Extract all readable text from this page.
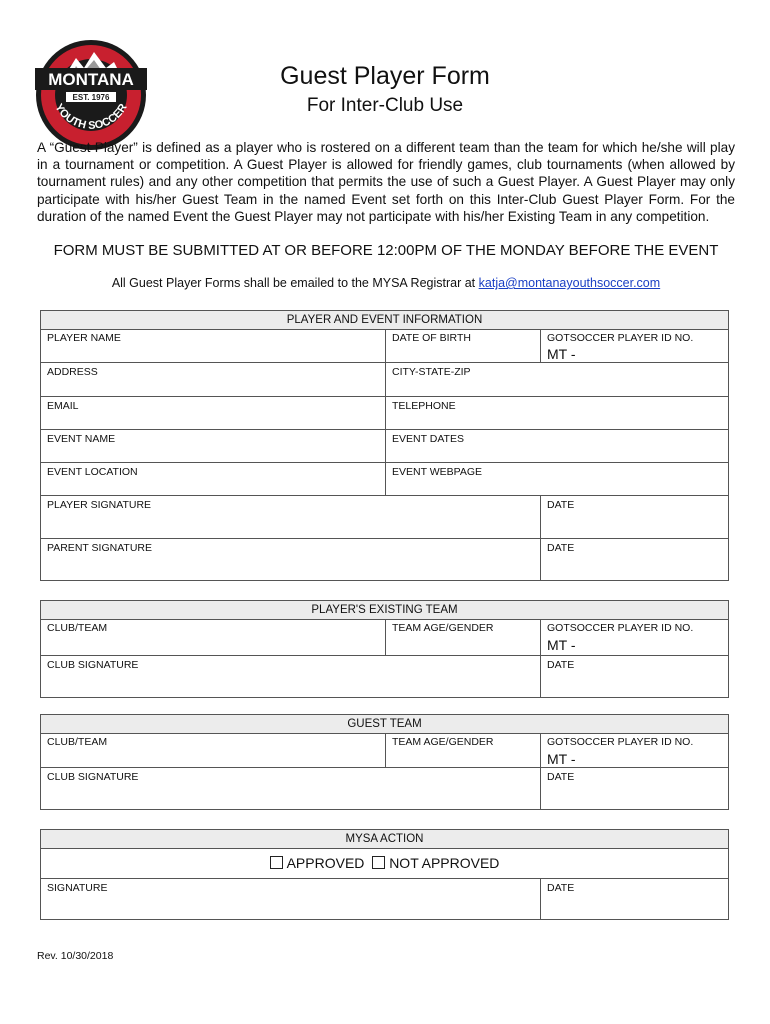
MONTANA
EST. 1976
YOUTH SOCCER
Guest Player Form
For Inter-Club Use
A “Guest Player” is defined as a player who is rostered on a different team than the team for which he/she will play in a tournament or competition. A Guest Player is allowed for friendly games, club tournaments (when allowed by tournament rules) and any other competition that permits the use of such a Guest Player. A Guest Player may only participate with his/her Guest Team in the named Event set forth on this Inter-Club Guest Player Form. For the duration of the named Event the Guest Player may not participate with his/her Existing Team in any competition.
FORM MUST BE SUBMITTED AT OR BEFORE 12:00PM OF THE MONDAY BEFORE THE EVENT
All Guest Player Forms shall be emailed to the MYSA Registrar at katja@montanayouthsoccer.com
PLAYER AND EVENT INFORMATION
PLAYER NAME	DATE OF BIRTH	GOTSOCCER PLAYER ID NO.
MT -
ADDRESS	CITY-STATE-ZIP
EMAIL	TELEPHONE
EVENT NAME	EVENT DATES
EVENT LOCATION	EVENT WEBPAGE
PLAYER SIGNATURE	DATE
PARENT SIGNATURE	DATE
PLAYER'S EXISTING TEAM
CLUB/TEAM	TEAM AGE/GENDER	GOTSOCCER PLAYER ID NO.
MT -
CLUB SIGNATURE	DATE
GUEST TEAM
CLUB/TEAM	TEAM AGE/GENDER	GOTSOCCER PLAYER ID NO.
MT -
CLUB SIGNATURE	DATE
MYSA ACTION
APPROVED NOT APPROVED
SIGNATURE	DATE
Rev. 10/30/2018
